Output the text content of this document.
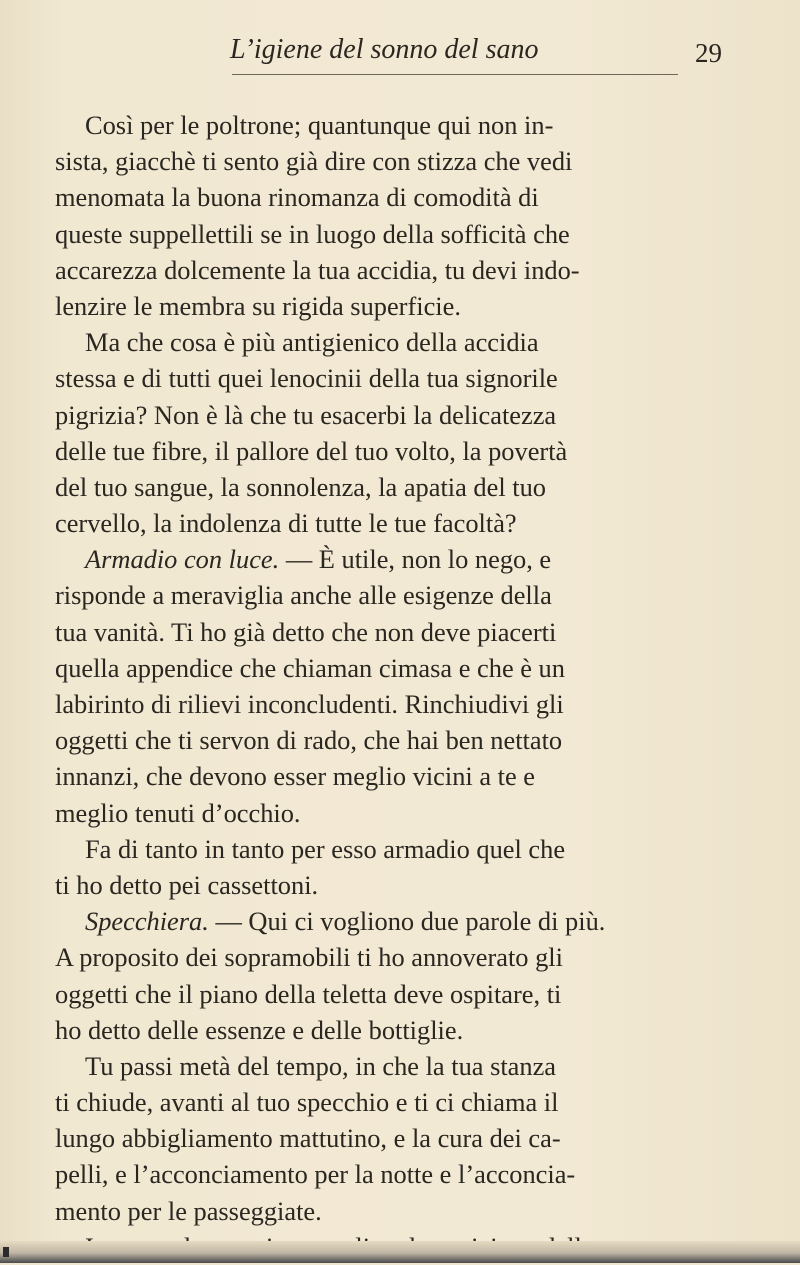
L’igiene del sonno del sano	29
Così per le poltrone; quantunque qui non in-
sista, giacchè ti sento già dire con stizza che vedi
menomata la buona rinomanza di comodità di
queste suppellettili se in luogo della sofficità che
accarezza dolcemente la tua accidia, tu devi indo-
lenzire le membra su rigida superficie.
Ma che cosa è più antigienico della accidia
stessa e di tutti quei lenocinii della tua signorile
pigrizia? Non è là che tu esacerbi la delicatezza
delle tue fibre, il pallore del tuo volto, la povertà
del tuo sangue, la sonnolenza, la apatia del tuo
cervello, la indolenza di tutte le tue facoltà?
Armadio con luce. — È utile, non lo nego, e
risponde a meraviglia anche alle esigenze della
tua vanità. Ti ho già detto che non deve piacerti
quella appendice che chiaman cimasa e che è un
labirinto di rilievi inconcludenti. Rinchiudivi gli
oggetti che ti servon di rado, che hai ben nettato
innanzi, che devono esser meglio vicini a te e
meglio tenuti d’occhio.
Fa di tanto in tanto per esso armadio quel che
ti ho detto pei cassettoni.
Specchiera. — Qui ci vogliono due parole di più.
A proposito dei sopramobili ti ho annoverato gli
oggetti che il piano della teletta deve ospitare, ti
ho detto delle essenze e delle bottiglie.
Tu passi metà del tempo, in che la tua stanza
ti chiude, avanti al tuo specchio e ti ci chiama il
lungo abbigliamento mattutino, e la cura dei ca-
pelli, e l’acconciamento per la notte e l’acconcia-
mento per le passeggiate.
